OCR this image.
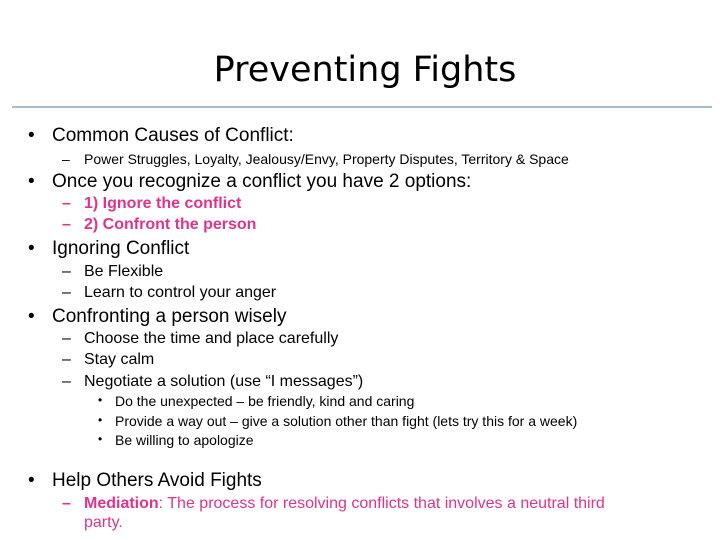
Preventing Fights
• Common Causes of Conflict:
– Power Struggles, Loyalty, Jealousy/Envy, Property Disputes, Territory & Space
• Once you recognize a conflict you have 2 options:
– 1) Ignore the conflict
– 2) Confront the person
• Ignoring Conflict
– Be Flexible
– Learn to control your anger
• Confronting a person wisely
– Choose the time and place carefully
– Stay calm
– Negotiate a solution (use “I messages”)
• Do the unexpected – be friendly, kind and caring
• Provide a way out – give a solution other than fight (lets try this for a week)
• Be willing to apologize
• Help Others Avoid Fights
– Mediation: The process for resolving conflicts that involves a neutral third
party.
